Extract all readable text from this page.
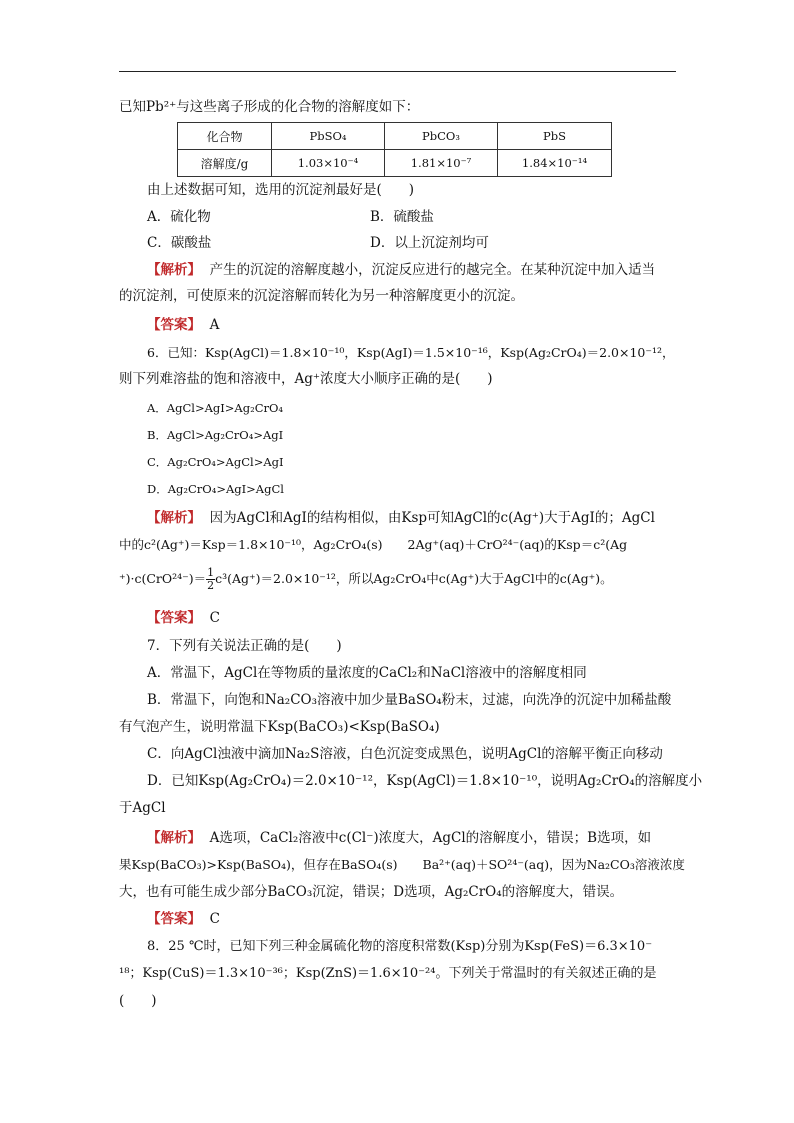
已知Pb²⁺与这些离子形成的化合物的溶解度如下：
化合物	PbSO₄	PbCO₃	PbS
溶解度/g	1.03×10⁻⁴	1.81×10⁻⁷	1.84×10⁻¹⁴
由上述数据可知，选用的沉淀剂最好是(　　)
A．硫化物	B．硫酸盐
C．碳酸盐	D．以上沉淀剂均可
【解析】 产生的沉淀的溶解度越小，沉淀反应进行的越完全。在某种沉淀中加入适当
的沉淀剂，可使原来的沉淀溶解而转化为另一种溶解度更小的沉淀。
【答案】 A
6．已知：Ksp(AgCl)＝1.8×10⁻¹⁰，Ksp(AgI)＝1.5×10⁻¹⁶，Ksp(Ag₂CrO₄)＝2.0×10⁻¹²，
则下列难溶盐的饱和溶液中，Ag⁺浓度大小顺序正确的是(　　)
A．AgCl>AgI>Ag₂CrO₄
B．AgCl>Ag₂CrO₄>AgI
C．Ag₂CrO₄>AgCl>AgI
D．Ag₂CrO₄>AgI>AgCl
【解析】 因为AgCl和AgI的结构相似，由Ksp可知AgCl的c(Ag⁺)大于AgI的；AgCl
中的c²(Ag⁺)＝Ksp＝1.8×10⁻¹⁰，Ag₂CrO₄(s)　　2Ag⁺(aq)＋CrO²⁴⁻(aq)的Ksp＝c²(Ag
$^+)\cdot c(CrO^{24-})= \frac{1}{2} c^3(Ag^+)=2.0\times 10^{-12}$，所以Ag₂CrO₄中c(Ag⁺)大于AgCl中的c(Ag⁺)。
【答案】 C
7．下列有关说法正确的是(　　)
A．常温下，AgCl在等物质的量浓度的CaCl₂和NaCl溶液中的溶解度相同
B．常温下，向饱和Na₂CO₃溶液中加少量BaSO₄粉末，过滤，向洗净的沉淀中加稀盐酸
有气泡产生，说明常温下Ksp(BaCO₃)<Ksp(BaSO₄)
C．向AgCl浊液中滴加Na₂S溶液，白色沉淀变成黑色，说明AgCl的溶解平衡正向移动
D．已知Ksp(Ag₂CrO₄)＝2.0×10⁻¹²，Ksp(AgCl)＝1.8×10⁻¹⁰，说明Ag₂CrO₄的溶解度小
于AgCl
【解析】 A选项，CaCl₂溶液中c(Cl⁻)浓度大，AgCl的溶解度小，错误；B选项，如
果Ksp(BaCO₃)>Ksp(BaSO₄)，但存在BaSO₄(s)　　Ba²⁺(aq)＋SO²⁴⁻(aq)，因为Na₂CO₃溶液浓度
大，也有可能生成少部分BaCO₃沉淀，错误；D选项，Ag₂CrO₄的溶解度大，错误。
【答案】 C
8．25 ℃时，已知下列三种金属硫化物的溶度积常数(Ksp)分别为Ksp(FeS)＝6.3×10⁻
¹⁸；Ksp(CuS)＝1.3×10⁻³⁶；Ksp(ZnS)＝1.6×10⁻²⁴。下列关于常温时的有关叙述正确的是
(　　)
